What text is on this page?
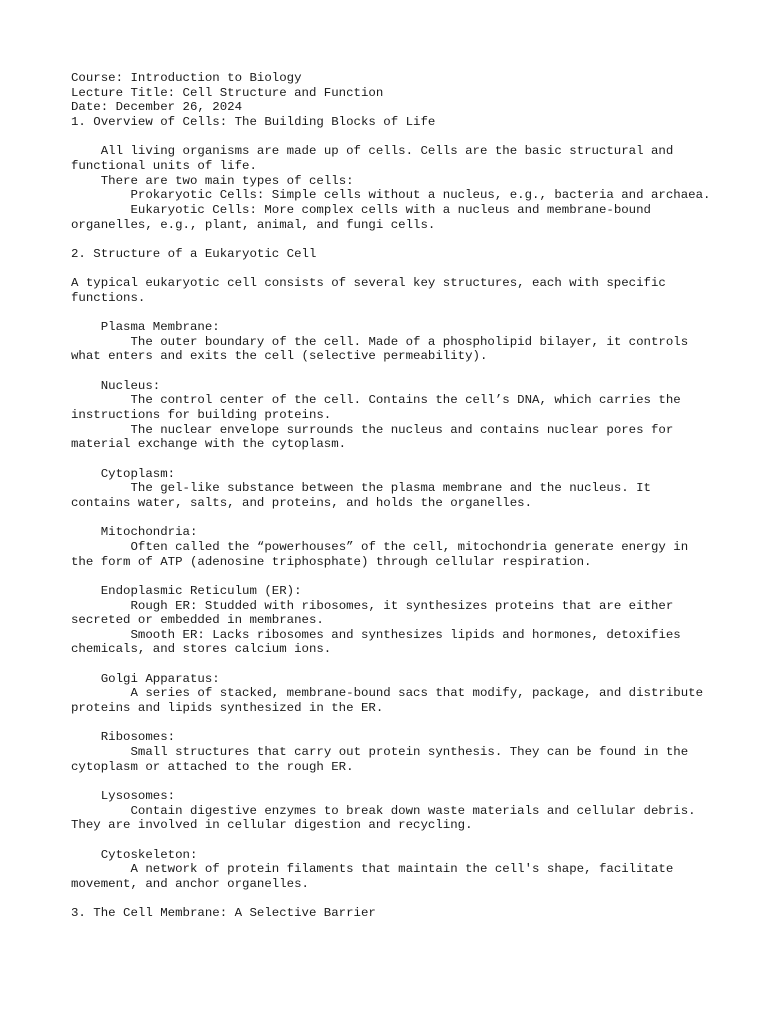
Course: Introduction to Biology
Lecture Title: Cell Structure and Function
Date: December 26, 2024
1. Overview of Cells: The Building Blocks of Life
All living organisms are made up of cells. Cells are the basic structural and functional units of life.
There are two main types of cells:
Prokaryotic Cells: Simple cells without a nucleus, e.g., bacteria and archaea.
Eukaryotic Cells: More complex cells with a nucleus and membrane-bound organelles, e.g., plant, animal, and fungi cells.
2. Structure of a Eukaryotic Cell
A typical eukaryotic cell consists of several key structures, each with specific functions.
Plasma Membrane:
The outer boundary of the cell. Made of a phospholipid bilayer, it controls what enters and exits the cell (selective permeability).
Nucleus:
The control center of the cell. Contains the cell’s DNA, which carries the instructions for building proteins.
The nuclear envelope surrounds the nucleus and contains nuclear pores for material exchange with the cytoplasm.
Cytoplasm:
The gel-like substance between the plasma membrane and the nucleus. It contains water, salts, and proteins, and holds the organelles.
Mitochondria:
Often called the “powerhouses” of the cell, mitochondria generate energy in the form of ATP (adenosine triphosphate) through cellular respiration.
Endoplasmic Reticulum (ER):
Rough ER: Studded with ribosomes, it synthesizes proteins that are either secreted or embedded in membranes.
Smooth ER: Lacks ribosomes and synthesizes lipids and hormones, detoxifies chemicals, and stores calcium ions.
Golgi Apparatus:
A series of stacked, membrane-bound sacs that modify, package, and distribute proteins and lipids synthesized in the ER.
Ribosomes:
Small structures that carry out protein synthesis. They can be found in the cytoplasm or attached to the rough ER.
Lysosomes:
Contain digestive enzymes to break down waste materials and cellular debris. They are involved in cellular digestion and recycling.
Cytoskeleton:
A network of protein filaments that maintain the cell's shape, facilitate movement, and anchor organelles.
3. The Cell Membrane: A Selective Barrier
